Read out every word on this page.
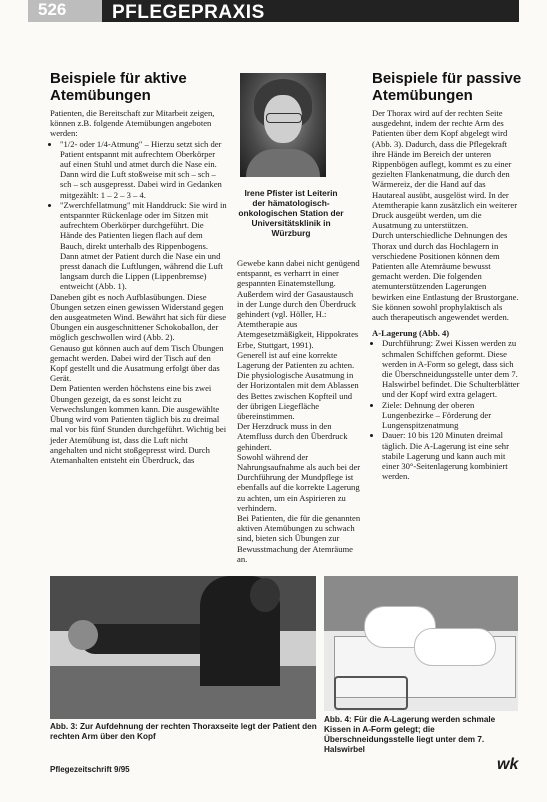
526 PFLEGEPRAXIS
Beispiele für aktive Atemübungen

Patienten, die Bereitschaft zur Mitarbeit zeigen, können z.B. folgende Atemübungen angeboten werden:

• "1/2- oder 1/4-Atmung" – Hierzu setzt sich der Patient entspannt mit aufrechtem Oberkörper auf einen Stuhl und atmet durch die Nase ein. Dann wird die Luft stoßweise mit sch – sch – sch – sch ausgepresst. Dabei wird in Gedanken mitgezählt: 1 – 2 – 3 – 4.
• "Zwerchfellatmung" mit Handdruck: Sie wird in entspannter Rückenlage oder im Sitzen mit aufrechtem Oberkörper durchgeführt. Die Hände des Patienten liegen flach auf dem Bauch, direkt unterhalb des Rippenbogens. Dann atmet der Patient durch die Nase ein und presst danach die Luftlungen, während die Luft langsam durch die Lippen (Lippenbremse) entweicht (Abb. 1).

Daneben gibt es noch Aufblasübungen. Diese Übungen setzen einen gewissen Widerstand gegen den ausgeatmeten Wind. Bewährt hat sich für diese Übungen ein ausgeschnittener Schokoballon, der möglich geschwollen wird (Abb. 2).

Genauso gut können auch auf dem Tisch Übungen gemacht werden. Dabei wird der Tisch auf den Kopf gestellt und die Ausatmung erfolgt über das Gerät.

Dem Patienten werden höchstens eine bis zwei Übungen gezeigt, da es sonst leicht zu Verwechslungen kommen kann. Die ausgewählte Übung wird vom Patienten täglich bis zu dreimal mal vor bis fünf Stunden durchgeführt. Wichtig bei jeder Atemübung ist, dass die Luft nicht angehalten und nicht stoßgepresst wird. Durch Atemanhalten entsteht ein Überdruck, das

Irene Pfister ist Leiterin der hämatologisch-onkologischen Station der Universitätsklinik in Würzburg

Gewebe kann dabei nicht genügend entspannt, es verharrt in einer gespannten Einatemstellung. Außerdem wird der Gasaustausch in der Lunge durch den Überdruck gehindert (vgl. Höller, H.: Atemtherapie aus Atemgesetzmäßigkeit, Hippokrates Erbe, Stuttgart, 1991).

Generell ist auf eine korrekte Lagerung der Patienten zu achten. Die physiologische Ausatmung in der Horizontalen mit dem Ablassen des Bettes zwischen Kopfteil und der übrigen Liegefläche übereinstimmen.

Der Herzdruck muss in den Atemfluss durch den Überdruck gehindert.

Sowohl während der Nahrungsaufnahme als auch bei der Durchführung der Mundpflege ist ebenfalls auf die korrekte Lagerung zu achten, um ein Aspirieren zu verhindern.

Bei Patienten, die für die genannten aktiven Atemübungen zu schwach sind, bieten sich Übungen zur Bewusstmachung der Atemräume an.

Beispiele für passive Atemübungen

Der Thorax wird auf der rechten Seite ausgedehnt, indem der rechte Arm des Patienten über dem Kopf abgelegt wird (Abb. 3). Dadurch, dass die Pflegekraft ihre Hände im Bereich der unteren Rippenbögen auflegt, kommt es zu einer gezielten Flankenatmung, die durch den Wärmereiz, der die Hand auf das Hautareal ausübt, ausgelöst wird. In der Atemtherapie kann zusätzlich ein weiterer Druck ausgeübt werden, um die Ausatmung zu unterstützen.

Durch unterschiedliche Dehnungen des Thorax und durch das Hochlagern in verschiedene Positionen können dem Patienten alle Atemräume bewusst gemacht werden. Die folgenden atemunterstützenden Lagerungen bewirken eine Entlastung der Brustorgane. Sie können sowohl prophylaktisch als auch therapeutisch angewendet werden.

A-Lagerung (Abb. 4)

• Durchführung: Zwei Kissen werden zu schmalen Schiffchen geformt. Diese werden in A-Form so gelegt, dass sich die Überschneidungsstelle unter dem 7. Halswirbel befindet. Die Schulterblätter und der Kopf wird extra gelagert.
• Ziele: Dehnung der oberen Lungenbezirke – Förderung der Lungenspitzenatmung
• Dauer: 10 bis 120 Minuten dreimal täglich. Die A-Lagerung ist eine sehr stabile Lagerung und kann auch mit einer 30°-Seitenlagerung kombiniert werden.
Abb. 3: Zur Aufdehnung der rechten Thoraxseite legt der Patient den rechten Arm über den Kopf
Abb. 4: Für die A-Lagerung werden schmale Kissen in A-Form gelegt; die Überschneidungsstelle liegt unter dem 7. Halswirbel
Pflegezeitschrift 9/95	wk
